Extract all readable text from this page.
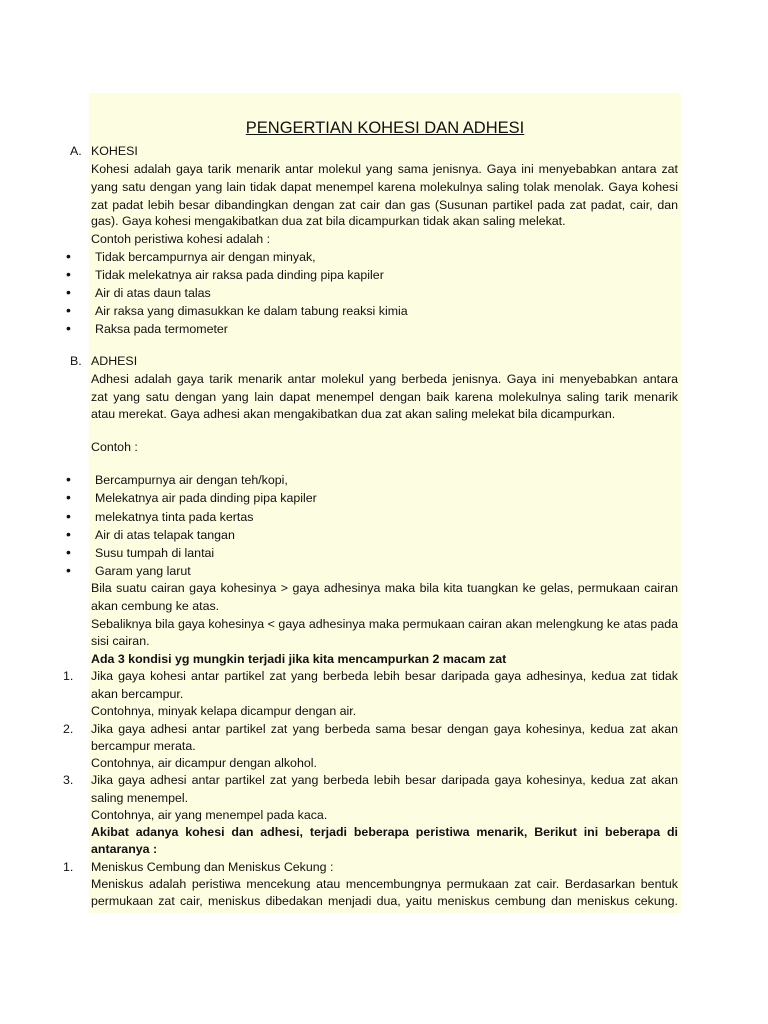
PENGERTIAN KOHESI DAN ADHESI
A. KOHESI
Kohesi adalah gaya tarik menarik antar molekul yang sama jenisnya. Gaya ini menyebabkan antara zat
yang satu dengan yang lain tidak dapat menempel karena molekulnya saling tolak menolak. Gaya kohesi
zat padat lebih besar dibandingkan dengan zat cair dan gas (Susunan partikel pada zat padat, cair, dan
gas). Gaya kohesi mengakibatkan dua zat bila dicampurkan tidak akan saling melekat.
Contoh peristiwa kohesi adalah :
• Tidak bercampurnya air dengan minyak,
• Tidak melekatnya air raksa pada dinding pipa kapiler
• Air di atas daun talas
• Air raksa yang dimasukkan ke dalam tabung reaksi kimia
• Raksa pada termometer
B. ADHESI
Adhesi adalah gaya tarik menarik antar molekul yang berbeda jenisnya. Gaya ini menyebabkan antara
zat yang satu dengan yang lain dapat menempel dengan baik karena molekulnya saling tarik menarik
atau merekat. Gaya adhesi akan mengakibatkan dua zat akan saling melekat bila dicampurkan.
Contoh :
• Bercampurnya air dengan teh/kopi,
• Melekatnya air pada dinding pipa kapiler
• melekatnya tinta pada kertas
• Air di atas telapak tangan
• Susu tumpah di lantai
• Garam yang larut
Bila suatu cairan gaya kohesinya > gaya adhesinya maka bila kita tuangkan ke gelas, permukaan cairan
akan cembung ke atas.
Sebaliknya bila gaya kohesinya < gaya adhesinya maka permukaan cairan akan melengkung ke atas pada
sisi cairan.
Ada 3 kondisi yg mungkin terjadi jika kita mencampurkan 2 macam zat
1. Jika gaya kohesi antar partikel zat yang berbeda lebih besar daripada gaya adhesinya, kedua zat tidak
akan bercampur.
Contohnya, minyak kelapa dicampur dengan air.
2. Jika gaya adhesi antar partikel zat yang berbeda sama besar dengan gaya kohesinya, kedua zat akan
bercampur merata.
Contohnya, air dicampur dengan alkohol.
3. Jika gaya adhesi antar partikel zat yang berbeda lebih besar daripada gaya kohesinya, kedua zat akan
saling menempel.
Contohnya, air yang menempel pada kaca.
Akibat adanya kohesi dan adhesi, terjadi beberapa peristiwa menarik, Berikut ini beberapa di
antaranya :
1. Meniskus Cembung dan Meniskus Cekung :
Meniskus adalah peristiwa mencekung atau mencembungnya permukaan zat cair. Berdasarkan bentuk
permukaan zat cair, meniskus dibedakan menjadi dua, yaitu meniskus cembung dan meniskus cekung.
